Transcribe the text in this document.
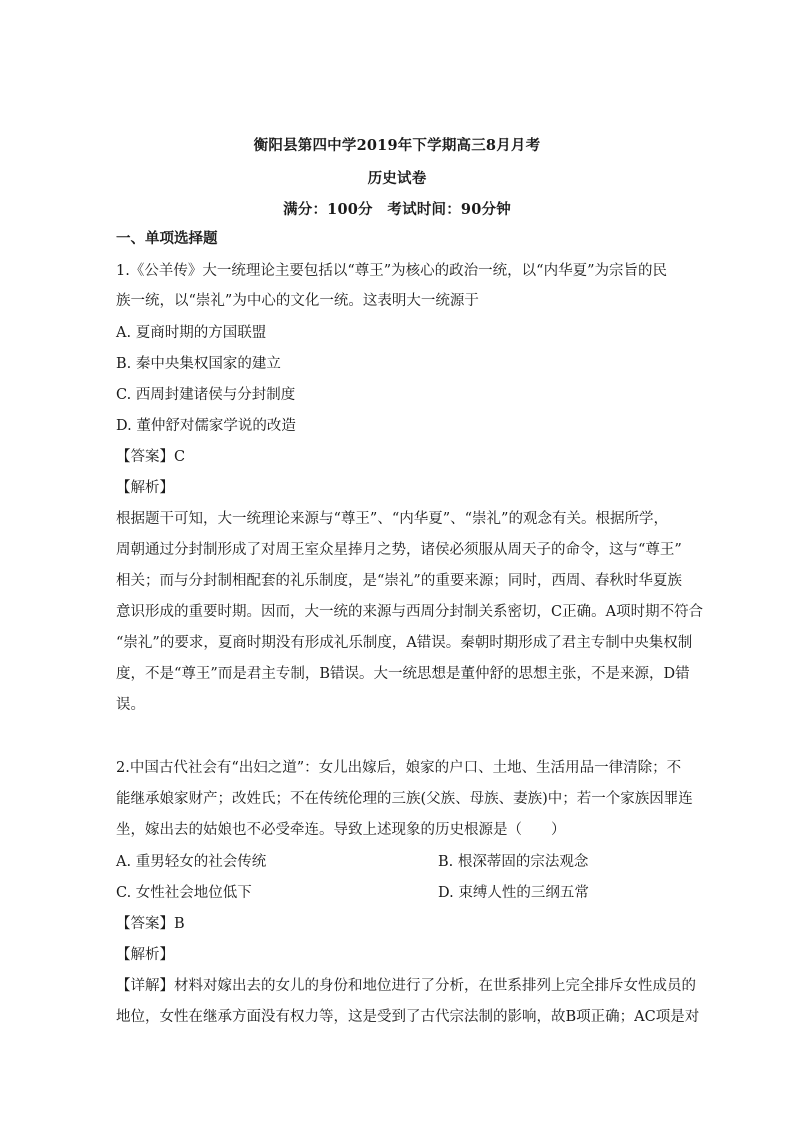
衡阳县第四中学2019年下学期高三8月月考
历史试卷
满分：100分　考试时间：90分钟
一、单项选择题
1.《公羊传》大一统理论主要包括以“尊王”为核心的政治一统，以“内华夏”为宗旨的民
族一统，以“崇礼”为中心的文化一统。这表明大一统源于
A. 夏商时期的方国联盟
B. 秦中央集权国家的建立
C. 西周封建诸侯与分封制度
D. 董仲舒对儒家学说的改造
【答案】C
【解析】
根据题干可知，大一统理论来源与“尊王”、“内华夏”、“崇礼”的观念有关。根据所学，
周朝通过分封制形成了对周王室众星捧月之势，诸侯必须服从周天子的命令，这与“尊王”
相关；而与分封制相配套的礼乐制度，是“崇礼”的重要来源；同时，西周、春秋时华夏族
意识形成的重要时期。因而，大一统的来源与西周分封制关系密切，C正确。A项时期不符合
“崇礼”的要求，夏商时期没有形成礼乐制度，A错误。秦朝时期形成了君主专制中央集权制
度，不是“尊王”而是君主专制，B错误。大一统思想是董仲舒的思想主张，不是来源，D错
误。
2.中国古代社会有“出妇之道”：女儿出嫁后，娘家的户口、土地、生活用品一律清除；不
能继承娘家财产；改姓氏；不在传统伦理的三族(父族、母族、妻族)中；若一个家族因罪连
坐，嫁出去的姑娘也不必受牵连。导致上述现象的历史根源是（　　）
A. 重男轻女的社会传统	B. 根深蒂固的宗法观念
C. 女性社会地位低下	D. 束缚人性的三纲五常
【答案】B
【解析】
【详解】材料对嫁出去的女儿的身份和地位进行了分析，在世系排列上完全排斥女性成员的
地位，女性在继承方面没有权力等，这是受到了古代宗法制的影响，故B项正确；AC项是对
